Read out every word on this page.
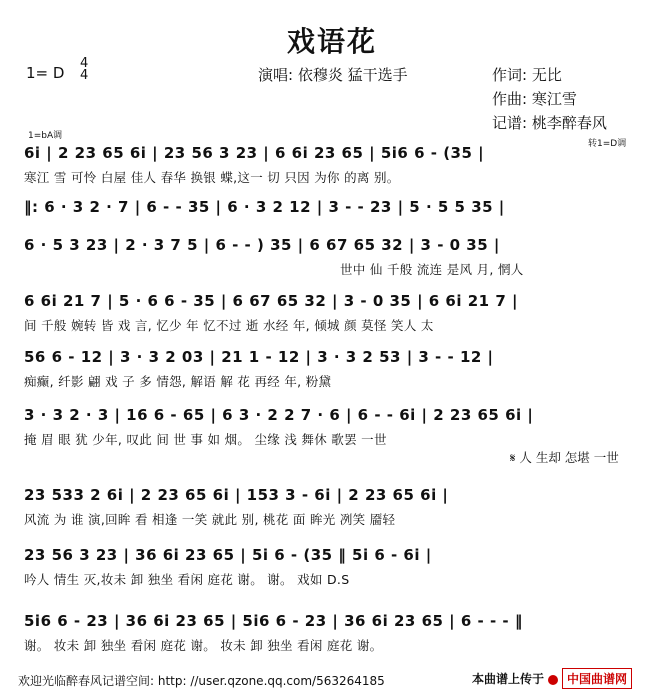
戏语花
1= D
4
4	演唱: 依穆炎 猛干选手	作词: 无比
作曲: 寒江雪
记谱: 桃李醉春风
1=bA调
转1=D调
6i | 2 23 65 6i | 23 56 3 23 | 6 6i 23 65 | 5i6 6 - (35 |
寒江 雪 可怜 白屋 佳人 春华 换银 蝶,这一 切 只因 为你 的离 别。
‖: 6 · 3 2 · 7 | 6 - - 35 | 6 · 3 2 12 | 3 - - 23 | 5 · 5 5 35 |
6 · 5 3 23 | 2 · 3 7 5 | 6 - - ) 35 | 6 67 65 32 | 3 - 0 35 |
世中 仙 千般 流连 是风 月, 惘人
6 6i 21 7 | 5 · 6 6 - 35 | 6 67 65 32 | 3 - 0 35 | 6 6i 21 7 |
间 千般 婉转 皆 戏 言, 忆少 年 忆不过 逝 水经 年, 倾城 颜 莫怪 笑人 太
56 6 - 12 | 3 · 3 2 03 | 21 1 - 12 | 3 · 3 2 53 | 3 - - 12 |
痴癫, 纤影 翩 戏 子 多 情怨, 解语 解 花 再经 年, 粉黛
3 · 3 2 · 3 | 16 6 - 65 | 6 3 · 2 2 7 · 6 | 6 - - 6i | 2 23 65 6i |
掩 眉 眼 犹 少年, 叹此 间 世 事 如 烟。 尘缘 浅 舞休 歌罢 一世
𝄋 人 生却 怎堪 一世
23 533 2 6i | 2 23 65 6i | 153 3 - 6i | 2 23 65 6i |
风流 为 谁 演,回眸 看 相逢 一笑 就此 别, 桃花 面 眸光 冽笑 靥轻
23 56 3 23 | 36 6i 23 65 | 5i 6 - (35 ‖ 5i 6 - 6i |
吟人 情生 灭,妆未 卸 独坐 看闲 庭花 谢。 谢。 戏如 D.S
5i6 6 - 23 | 36 6i 23 65 | 5i6 6 - 23 | 36 6i 23 65 | 6 - - - ‖
谢。 妆未 卸 独坐 看闲 庭花 谢。 妆未 卸 独坐 看闲 庭花 谢。
欢迎光临醉春风记谱空间: http: //user.qzone.qq.com/563264185	本曲谱上传于 中国曲谱网
